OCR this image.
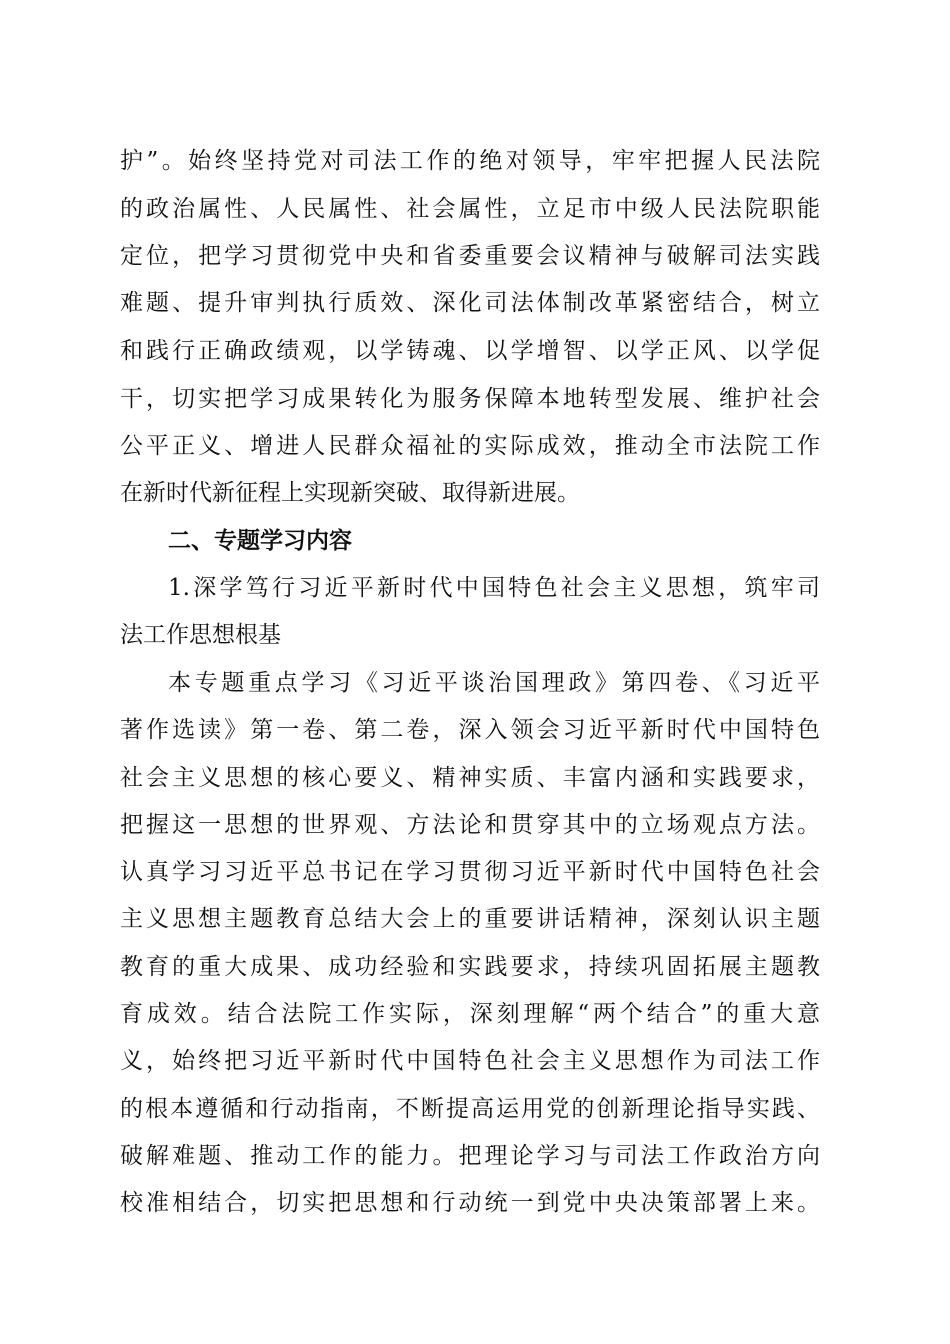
护”。始终坚持党对司法工作的绝对领导，牢牢把握人民法院

的政治属性、人民属性、社会属性，立足市中级人民法院职能

定位，把学习贯彻党中央和省委重要会议精神与破解司法实践

难题、提升审判执行质效、深化司法体制改革紧密结合，树立

和践行正确政绩观，以学铸魂、以学增智、以学正风、以学促

干，切实把学习成果转化为服务保障本地转型发展、维护社会

公平正义、增进人民群众福祉的实际成效，推动全市法院工作

在新时代新征程上实现新突破、取得新进展。

二、专题学习内容

1.深学笃行习近平新时代中国特色社会主义思想，筑牢司

法工作思想根基

本专题重点学习《习近平谈治国理政》第四卷、《习近平

著作选读》第一卷、第二卷，深入领会习近平新时代中国特色

社会主义思想的核心要义、精神实质、丰富内涵和实践要求，

把握这一思想的世界观、方法论和贯穿其中的立场观点方法。

认真学习习近平总书记在学习贯彻习近平新时代中国特色社会

主义思想主题教育总结大会上的重要讲话精神，深刻认识主题

教育的重大成果、成功经验和实践要求，持续巩固拓展主题教

育成效。结合法院工作实际，深刻理解“两个结合”的重大意

义，始终把习近平新时代中国特色社会主义思想作为司法工作

的根本遵循和行动指南，不断提高运用党的创新理论指导实践、

破解难题、推动工作的能力。把理论学习与司法工作政治方向

校准相结合，切实把思想和行动统一到党中央决策部署上来。
